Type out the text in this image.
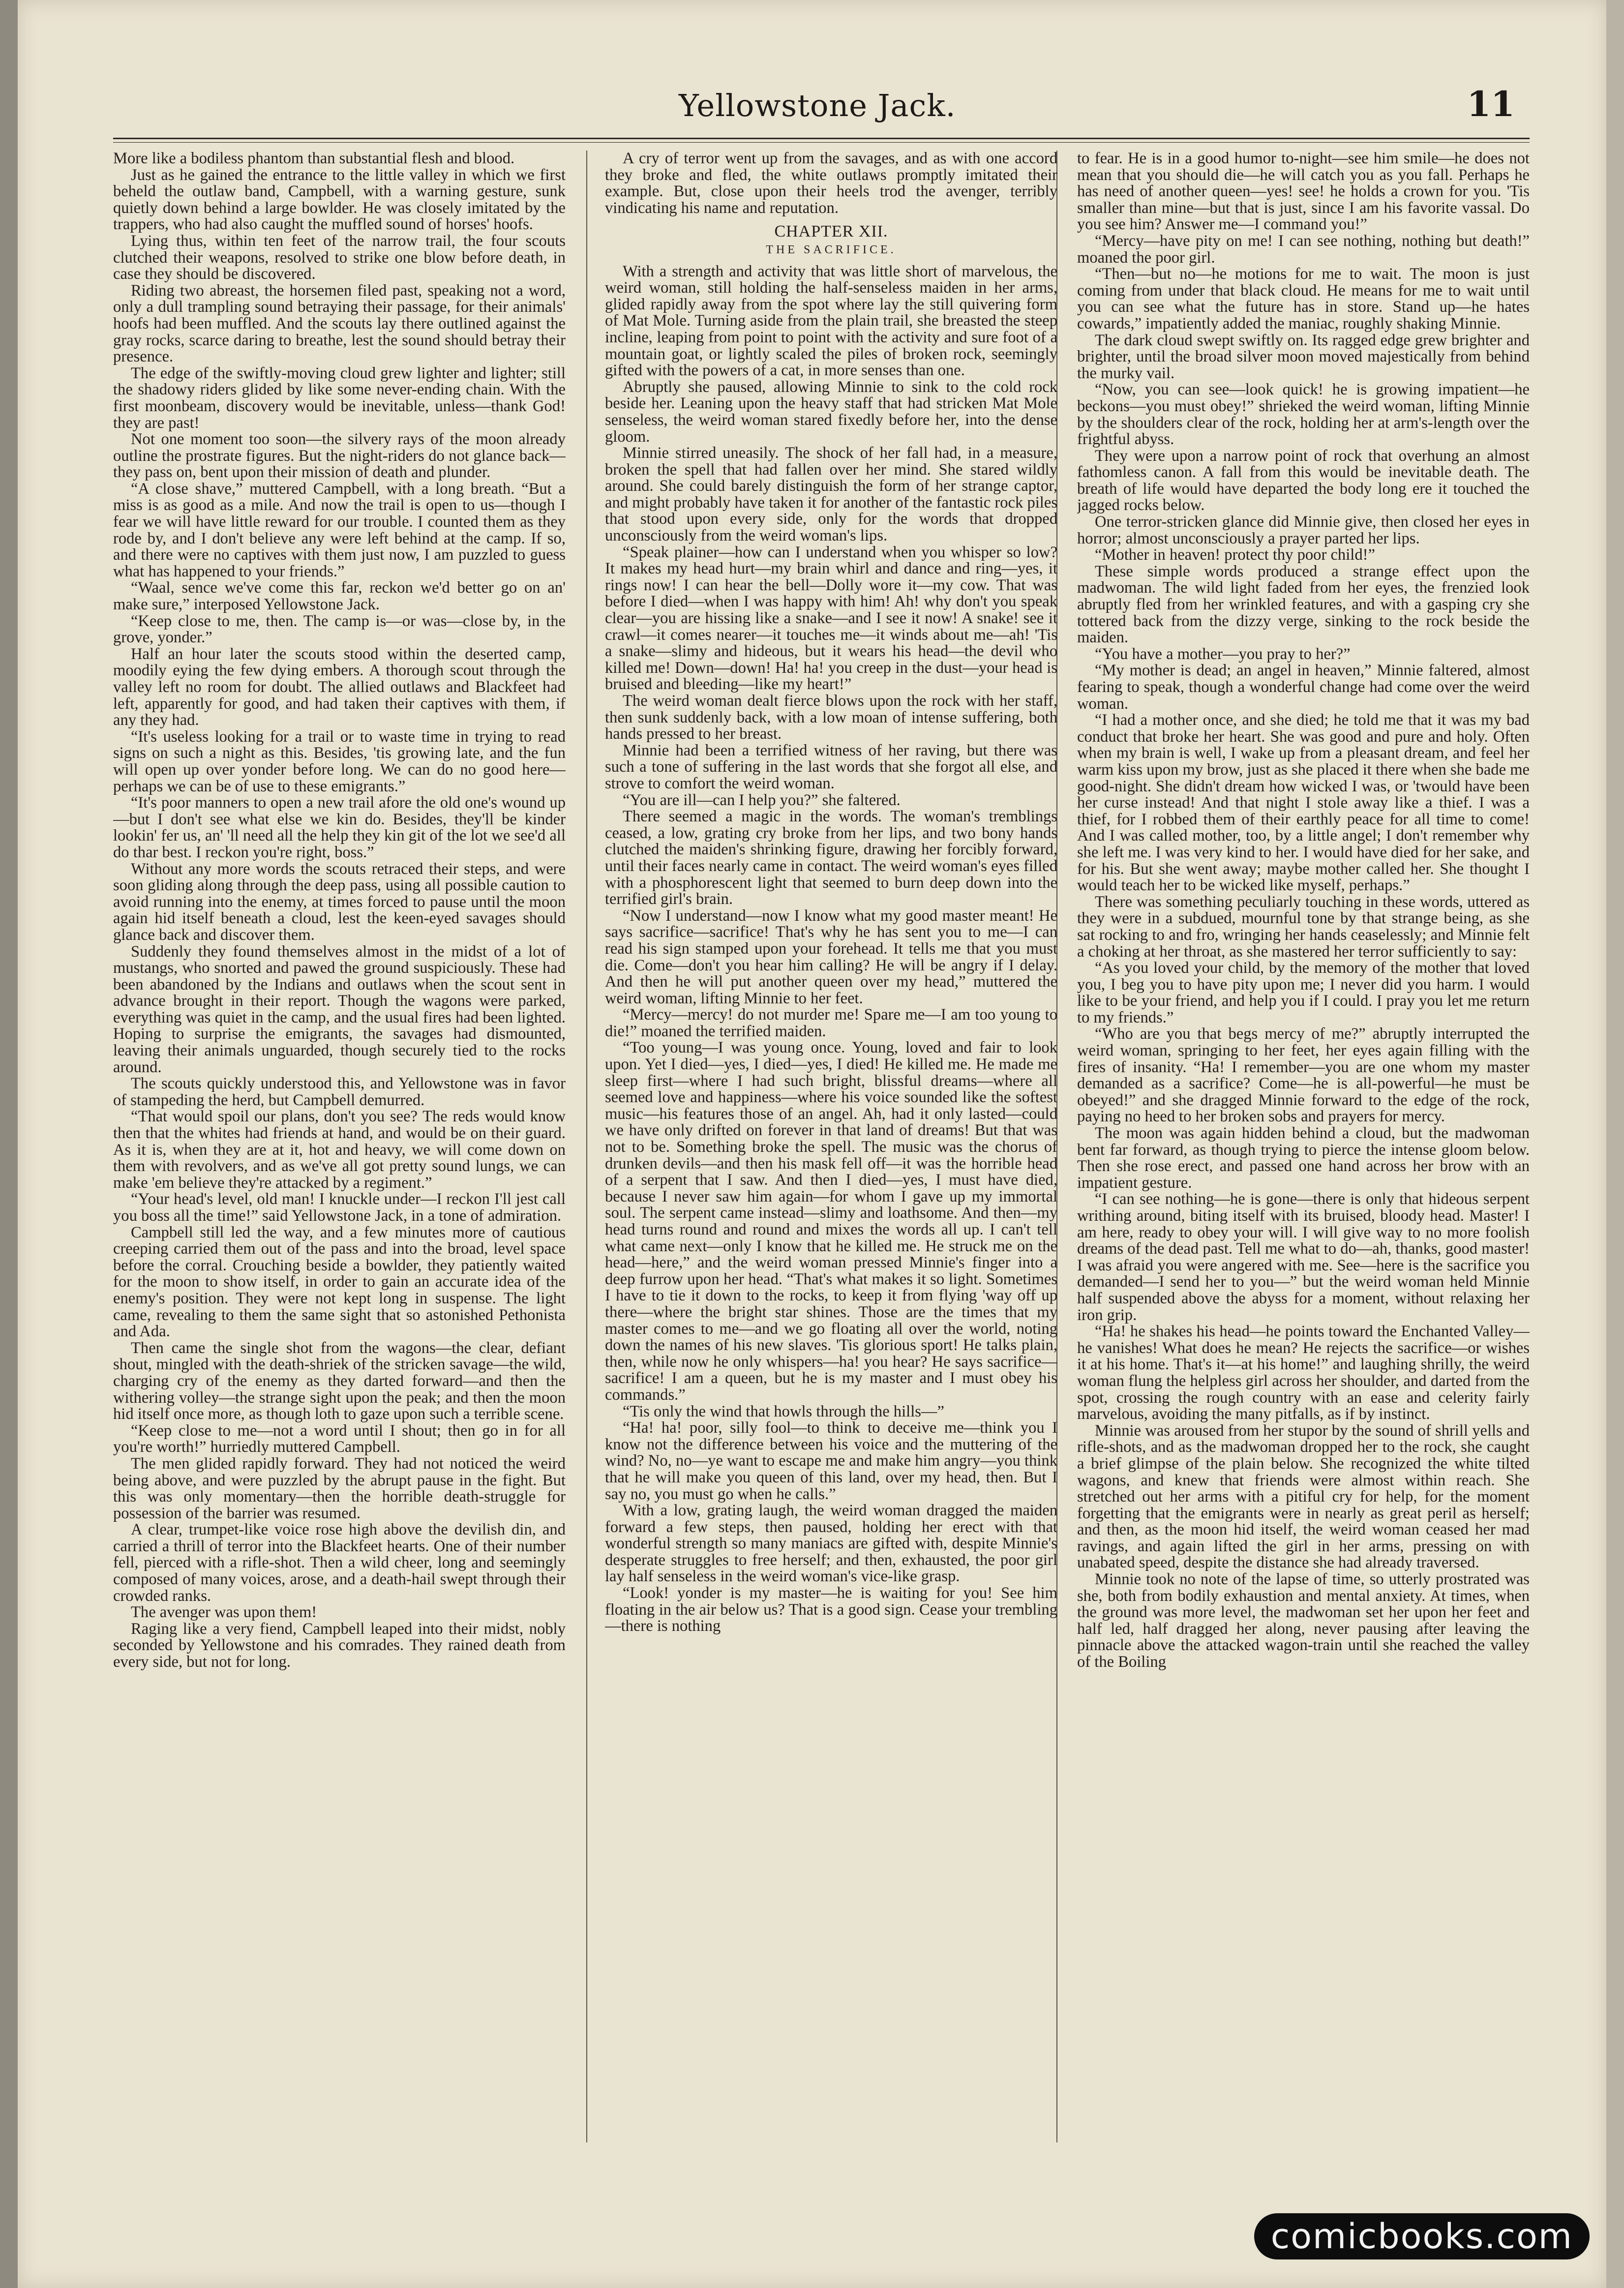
Yellowstone Jack.	11

More like a bodiless phantom than substantial flesh and blood.

Just as he gained the entrance to the little valley in which we first beheld the outlaw band, Campbell, with a warning gesture, sunk quietly down behind a large bowlder. He was closely imitated by the trappers, who had also caught the muffled sound of horses' hoofs.

Lying thus, within ten feet of the narrow trail, the four scouts clutched their weapons, resolved to strike one blow before death, in case they should be discovered.

Riding two abreast, the horsemen filed past, speaking not a word, only a dull trampling sound betraying their passage, for their animals' hoofs had been muffled. And the scouts lay there outlined against the gray rocks, scarce daring to breathe, lest the sound should betray their presence.

The edge of the swiftly-moving cloud grew lighter and lighter; still the shadowy riders glided by like some never-ending chain. With the first moonbeam, discovery would be inevitable, unless—thank God! they are past!

Not one moment too soon—the silvery rays of the moon already outline the prostrate figures. But the night-riders do not glance back—they pass on, bent upon their mission of death and plunder.

“A close shave,” muttered Campbell, with a long breath. “But a miss is as good as a mile. And now the trail is open to us—though I fear we will have little reward for our trouble. I counted them as they rode by, and I don't believe any were left behind at the camp. If so, and there were no captives with them just now, I am puzzled to guess what has happened to your friends.”

“Waal, sence we've come this far, reckon we'd better go on an' make sure,” interposed Yellowstone Jack.

“Keep close to me, then. The camp is—or was—close by, in the grove, yonder.”

Half an hour later the scouts stood within the deserted camp, moodily eying the few dying embers. A thorough scout through the valley left no room for doubt. The allied outlaws and Blackfeet had left, apparently for good, and had taken their captives with them, if any they had.

“It's useless looking for a trail or to waste time in trying to read signs on such a night as this. Besides, 'tis growing late, and the fun will open up over yonder before long. We can do no good here—perhaps we can be of use to these emigrants.”

“It's poor manners to open a new trail afore the old one's wound up—but I don't see what else we kin do. Besides, they'll be kinder lookin' fer us, an' 'll need all the help they kin git of the lot we see'd all do thar best. I reckon you're right, boss.”

Without any more words the scouts retraced their steps, and were soon gliding along through the deep pass, using all possible caution to avoid running into the enemy, at times forced to pause until the moon again hid itself beneath a cloud, lest the keen-eyed savages should glance back and discover them.

Suddenly they found themselves almost in the midst of a lot of mustangs, who snorted and pawed the ground suspiciously. These had been abandoned by the Indians and outlaws when the scout sent in advance brought in their report. Though the wagons were parked, everything was quiet in the camp, and the usual fires had been lighted. Hoping to surprise the emigrants, the savages had dismounted, leaving their animals unguarded, though securely tied to the rocks around.

The scouts quickly understood this, and Yellowstone was in favor of stampeding the herd, but Campbell demurred.

“That would spoil our plans, don't you see? The reds would know then that the whites had friends at hand, and would be on their guard. As it is, when they are at it, hot and heavy, we will come down on them with revolvers, and as we've all got pretty sound lungs, we can make 'em believe they're attacked by a regiment.”

“Your head's level, old man! I knuckle under—I reckon I'll jest call you boss all the time!” said Yellowstone Jack, in a tone of admiration.

Campbell still led the way, and a few minutes more of cautious creeping carried them out of the pass and into the broad, level space before the corral. Crouching beside a bowlder, they patiently waited for the moon to show itself, in order to gain an accurate idea of the enemy's position. They were not kept long in suspense. The light came, revealing to them the same sight that so astonished Pethonista and Ada.

Then came the single shot from the wagons—the clear, defiant shout, mingled with the death-shriek of the stricken savage—the wild, charging cry of the enemy as they darted forward—and then the withering volley—the strange sight upon the peak; and then the moon hid itself once more, as though loth to gaze upon such a terrible scene.

“Keep close to me—not a word until I shout; then go in for all you're worth!” hurriedly muttered Campbell.

The men glided rapidly forward. They had not noticed the weird being above, and were puzzled by the abrupt pause in the fight. But this was only momentary—then the horrible death-struggle for possession of the barrier was resumed.

A clear, trumpet-like voice rose high above the devilish din, and carried a thrill of terror into the Blackfeet hearts. One of their number fell, pierced with a rifle-shot. Then a wild cheer, long and seemingly composed of many voices, arose, and a death-hail swept through their crowded ranks.

The avenger was upon them!

Raging like a very fiend, Campbell leaped into their midst, nobly seconded by Yellowstone and his comrades. They rained death from every side, but not for long.

A cry of terror went up from the savages, and as with one accord they broke and fled, the white outlaws promptly imitated their example. But, close upon their heels trod the avenger, terribly vindicating his name and reputation.

CHAPTER XII.
THE SACRIFICE.

With a strength and activity that was little short of marvelous, the weird woman, still holding the half-senseless maiden in her arms, glided rapidly away from the spot where lay the still quivering form of Mat Mole. Turning aside from the plain trail, she breasted the steep incline, leaping from point to point with the activity and sure foot of a mountain goat, or lightly scaled the piles of broken rock, seemingly gifted with the powers of a cat, in more senses than one.

Abruptly she paused, allowing Minnie to sink to the cold rock beside her. Leaning upon the heavy staff that had stricken Mat Mole senseless, the weird woman stared fixedly before her, into the dense gloom.

Minnie stirred uneasily. The shock of her fall had, in a measure, broken the spell that had fallen over her mind. She stared wildly around. She could barely distinguish the form of her strange captor, and might probably have taken it for another of the fantastic rock piles that stood upon every side, only for the words that dropped unconsciously from the weird woman's lips.

“Speak plainer—how can I understand when you whisper so low? It makes my head hurt—my brain whirl and dance and ring—yes, it rings now! I can hear the bell—Dolly wore it—my cow. That was before I died—when I was happy with him! Ah! why don't you speak clear—you are hissing like a snake—and I see it now! A snake! see it crawl—it comes nearer—it touches me—it winds about me—ah! 'Tis a snake—slimy and hideous, but it wears his head—the devil who killed me! Down—down! Ha! ha! you creep in the dust—your head is bruised and bleeding—like my heart!”

The weird woman dealt fierce blows upon the rock with her staff, then sunk suddenly back, with a low moan of intense suffering, both hands pressed to her breast.

Minnie had been a terrified witness of her raving, but there was such a tone of suffering in the last words that she forgot all else, and strove to comfort the weird woman.

“You are ill—can I help you?” she faltered.

There seemed a magic in the words. The woman's tremblings ceased, a low, grating cry broke from her lips, and two bony hands clutched the maiden's shrinking figure, drawing her forcibly forward, until their faces nearly came in contact. The weird woman's eyes filled with a phosphorescent light that seemed to burn deep down into the terrified girl's brain.

“Now I understand—now I know what my good master meant! He says sacrifice—sacrifice! That's why he has sent you to me—I can read his sign stamped upon your forehead. It tells me that you must die. Come—don't you hear him calling? He will be angry if I delay. And then he will put another queen over my head,” muttered the weird woman, lifting Minnie to her feet.

“Mercy—mercy! do not murder me! Spare me—I am too young to die!” moaned the terrified maiden.

“Too young—I was young once. Young, loved and fair to look upon. Yet I died—yes, I died—yes, I died! He killed me. He made me sleep first—where I had such bright, blissful dreams—where all seemed love and happiness—where his voice sounded like the softest music—his features those of an angel. Ah, had it only lasted—could we have only drifted on forever in that land of dreams! But that was not to be. Something broke the spell. The music was the chorus of drunken devils—and then his mask fell off—it was the horrible head of a serpent that I saw. And then I died—yes, I must have died, because I never saw him again—for whom I gave up my immortal soul. The serpent came instead—slimy and loathsome. And then—my head turns round and round and mixes the words all up. I can't tell what came next—only I know that he killed me. He struck me on the head—here,” and the weird woman pressed Minnie's finger into a deep furrow upon her head. “That's what makes it so light. Sometimes I have to tie it down to the rocks, to keep it from flying 'way off up there—where the bright star shines. Those are the times that my master comes to me—and we go floating all over the world, noting down the names of his new slaves. 'Tis glorious sport! He talks plain, then, while now he only whispers—ha! you hear? He says sacrifice—sacrifice! I am a queen, but he is my master and I must obey his commands.”

“Tis only the wind that howls through the hills—”

“Ha! ha! poor, silly fool—to think to deceive me—think you I know not the difference between his voice and the muttering of the wind? No, no—ye want to escape me and make him angry—you think that he will make you queen of this land, over my head, then. But I say no, you must go when he calls.”

With a low, grating laugh, the weird woman dragged the maiden forward a few steps, then paused, holding her erect with that wonderful strength so many maniacs are gifted with, despite Minnie's desperate struggles to free herself; and then, exhausted, the poor girl lay half senseless in the weird woman's vice-like grasp.

“Look! yonder is my master—he is waiting for you! See him floating in the air below us? That is a good sign. Cease your trembling—there is nothing

to fear. He is in a good humor to-night—see him smile—he does not mean that you should die—he will catch you as you fall. Perhaps he has need of another queen—yes! see! he holds a crown for you. 'Tis smaller than mine—but that is just, since I am his favorite vassal. Do you see him? Answer me—I command you!”

“Mercy—have pity on me! I can see nothing, nothing but death!” moaned the poor girl.

“Then—but no—he motions for me to wait. The moon is just coming from under that black cloud. He means for me to wait until you can see what the future has in store. Stand up—he hates cowards,” impatiently added the maniac, roughly shaking Minnie.

The dark cloud swept swiftly on. Its ragged edge grew brighter and brighter, until the broad silver moon moved majestically from behind the murky vail.

“Now, you can see—look quick! he is growing impatient—he beckons—you must obey!” shrieked the weird woman, lifting Minnie by the shoulders clear of the rock, holding her at arm's-length over the frightful abyss.

They were upon a narrow point of rock that overhung an almost fathomless canon. A fall from this would be inevitable death. The breath of life would have departed the body long ere it touched the jagged rocks below.

One terror-stricken glance did Minnie give, then closed her eyes in horror; almost unconsciously a prayer parted her lips.

“Mother in heaven! protect thy poor child!”

These simple words produced a strange effect upon the madwoman. The wild light faded from her eyes, the frenzied look abruptly fled from her wrinkled features, and with a gasping cry she tottered back from the dizzy verge, sinking to the rock beside the maiden.

“You have a mother—you pray to her?”

“My mother is dead; an angel in heaven,” Minnie faltered, almost fearing to speak, though a wonderful change had come over the weird woman.

“I had a mother once, and she died; he told me that it was my bad conduct that broke her heart. She was good and pure and holy. Often when my brain is well, I wake up from a pleasant dream, and feel her warm kiss upon my brow, just as she placed it there when she bade me good-night. She didn't dream how wicked I was, or 'twould have been her curse instead! And that night I stole away like a thief. I was a thief, for I robbed them of their earthly peace for all time to come! And I was called mother, too, by a little angel; I don't remember why she left me. I was very kind to her. I would have died for her sake, and for his. But she went away; maybe mother called her. She thought I would teach her to be wicked like myself, perhaps.”

There was something peculiarly touching in these words, uttered as they were in a subdued, mournful tone by that strange being, as she sat rocking to and fro, wringing her hands ceaselessly; and Minnie felt a choking at her throat, as she mastered her terror sufficiently to say:

“As you loved your child, by the memory of the mother that loved you, I beg you to have pity upon me; I never did you harm. I would like to be your friend, and help you if I could. I pray you let me return to my friends.”

“Who are you that begs mercy of me?” abruptly interrupted the weird woman, springing to her feet, her eyes again filling with the fires of insanity. “Ha! I remember—you are one whom my master demanded as a sacrifice? Come—he is all-powerful—he must be obeyed!” and she dragged Minnie forward to the edge of the rock, paying no heed to her broken sobs and prayers for mercy.

The moon was again hidden behind a cloud, but the madwoman bent far forward, as though trying to pierce the intense gloom below. Then she rose erect, and passed one hand across her brow with an impatient gesture.

“I can see nothing—he is gone—there is only that hideous serpent writhing around, biting itself with its bruised, bloody head. Master! I am here, ready to obey your will. I will give way to no more foolish dreams of the dead past. Tell me what to do—ah, thanks, good master! I was afraid you were angered with me. See—here is the sacrifice you demanded—I send her to you—” but the weird woman held Minnie half suspended above the abyss for a moment, without relaxing her iron grip.

“Ha! he shakes his head—he points toward the Enchanted Valley—he vanishes! What does he mean? He rejects the sacrifice—or wishes it at his home. That's it—at his home!” and laughing shrilly, the weird woman flung the helpless girl across her shoulder, and darted from the spot, crossing the rough country with an ease and celerity fairly marvelous, avoiding the many pitfalls, as if by instinct.

Minnie was aroused from her stupor by the sound of shrill yells and rifle-shots, and as the madwoman dropped her to the rock, she caught a brief glimpse of the plain below. She recognized the white tilted wagons, and knew that friends were almost within reach. She stretched out her arms with a pitiful cry for help, for the moment forgetting that the emigrants were in nearly as great peril as herself; and then, as the moon hid itself, the weird woman ceased her mad ravings, and again lifted the girl in her arms, pressing on with unabated speed, despite the distance she had already traversed.

Minnie took no note of the lapse of time, so utterly prostrated was she, both from bodily exhaustion and mental anxiety. At times, when the ground was more level, the madwoman set her upon her feet and half led, half dragged her along, never pausing after leaving the pinnacle above the attacked wagon-train until she reached the valley of the Boiling

comicbooks.com
